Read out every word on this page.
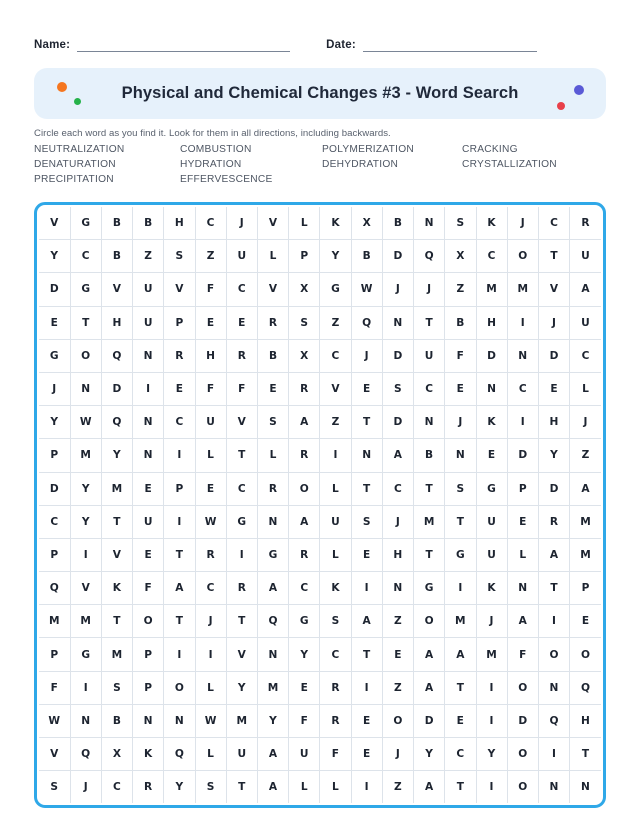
Name:	Date:
Physical and Chemical Changes #3 - Word Search
Circle each word as you find it. Look for them in all directions, including backwards.
NEUTRALIZATION	COMBUSTION	POLYMERIZATION	CRACKING
DENATURATION	HYDRATION	DEHYDRATION	CRYSTALLIZATION
PRECIPITATION	EFFERVESCENCE
V	G	B	B	H	C	J	V	L	K	X	B	N	S	K	J	C	R
Y	C	B	Z	S	Z	U	L	P	Y	B	D	Q	X	C	O	T	U
D	G	V	U	V	F	C	V	X	G	W	J	J	Z	M	M	V	A
E	T	H	U	P	E	E	R	S	Z	Q	N	T	B	H	I	J	U
G	O	Q	N	R	H	R	B	X	C	J	D	U	F	D	N	D	C
J	N	D	I	E	F	F	E	R	V	E	S	C	E	N	C	E	L
Y	W	Q	N	C	U	V	S	A	Z	T	D	N	J	K	I	H	J
P	M	Y	N	I	L	T	L	R	I	N	A	B	N	E	D	Y	Z
D	Y	M	E	P	E	C	R	O	L	T	C	T	S	G	P	D	A
C	Y	T	U	I	W	G	N	A	U	S	J	M	T	U	E	R	M
P	I	V	E	T	R	I	G	R	L	E	H	T	G	U	L	A	M
Q	V	K	F	A	C	R	A	C	K	I	N	G	I	K	N	T	P
M	M	T	O	T	J	T	Q	G	S	A	Z	O	M	J	A	I	E
P	G	M	P	I	I	V	N	Y	C	T	E	A	A	M	F	O	O
F	I	S	P	O	L	Y	M	E	R	I	Z	A	T	I	O	N	Q
W	N	B	N	N	W	M	Y	F	R	E	O	D	E	I	D	Q	H
V	Q	X	K	Q	L	U	A	U	F	E	J	Y	C	Y	O	I	T
S	J	C	R	Y	S	T	A	L	L	I	Z	A	T	I	O	N	N
